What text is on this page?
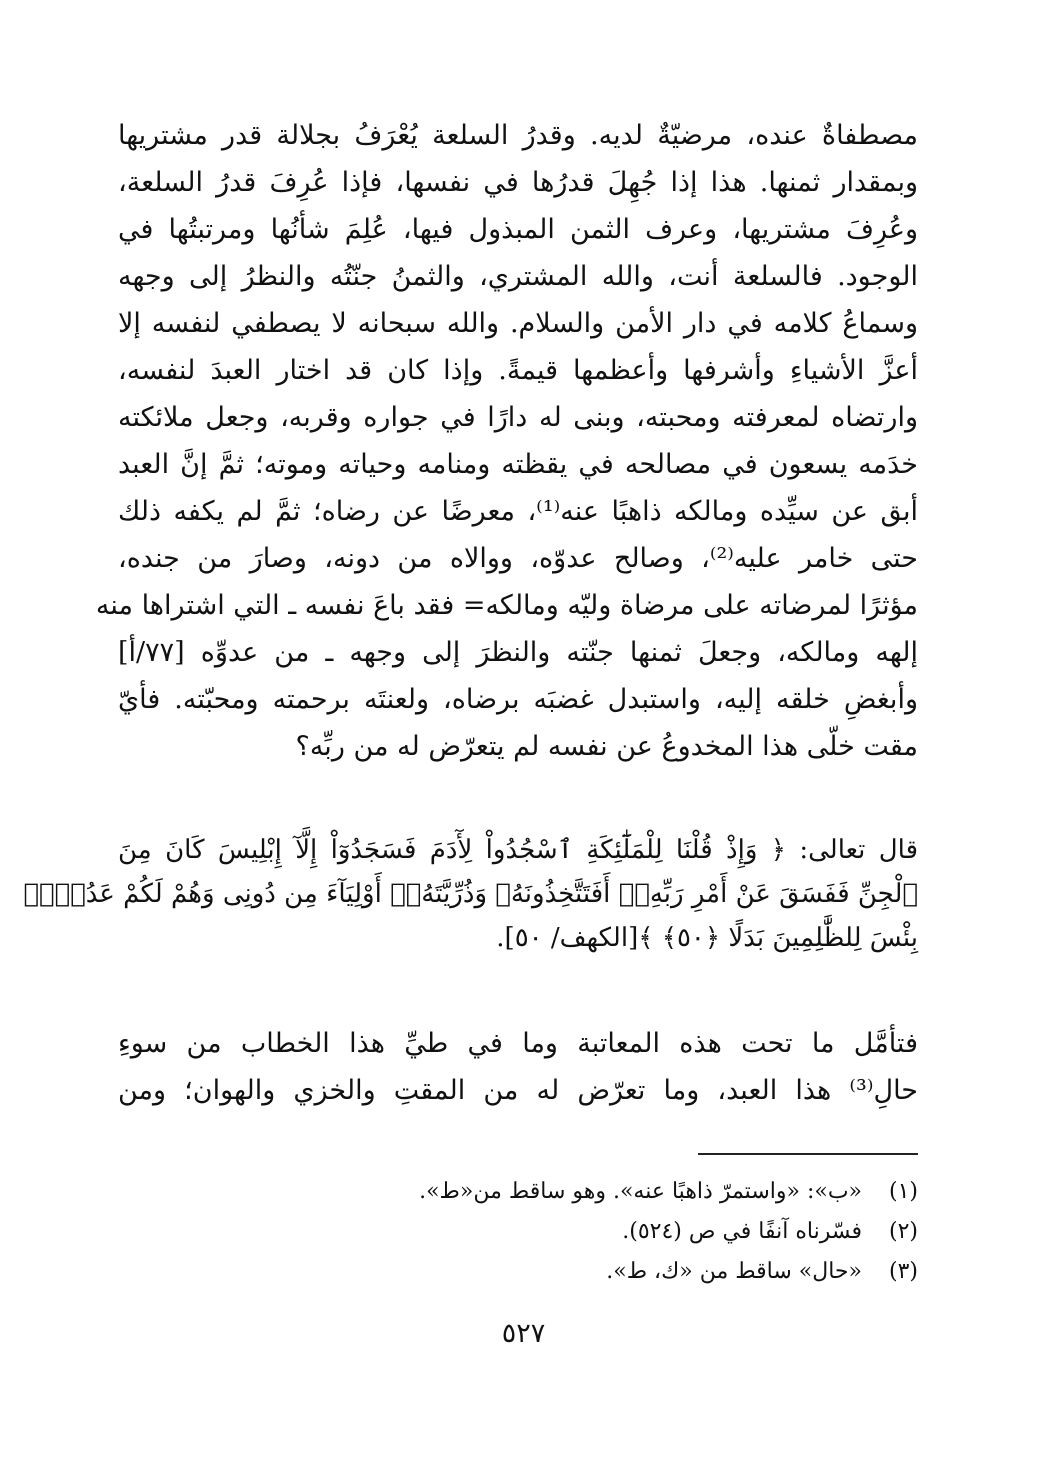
مصطفاةٌ عنده، مرضيّةٌ لديه. وقدرُ السلعة يُعْرَفُ بجلالة قدر مشتريها
وبمقدار ثمنها. هذا إذا جُهِلَ قدرُها في نفسها، فإذا عُرِفَ قدرُ السلعة،
وعُرِفَ مشتريها، وعرف الثمن المبذول فيها، عُلِمَ شأنُها ومرتبتُها في
الوجود. فالسلعة أنت، والله المشتري، والثمنُ جنّتُه والنظرُ إلى وجهه
وسماعُ كلامه في دار الأمن والسلام. والله سبحانه لا يصطفي لنفسه إلا
أعزَّ الأشياءِ وأشرفها وأعظمها قيمةً. وإذا كان قد اختار العبدَ لنفسه،
وارتضاه لمعرفته ومحبته، وبنى له دارًا في جواره وقربه، وجعل ملائكته
خدَمه يسعون في مصالحه في يقظته ومنامه وحياته وموته؛ ثمَّ إنَّ العبد
أبق عن سيِّده ومالكه ذاهبًا عنه⁽¹⁾، معرضًا عن رضاه؛ ثمَّ لم يكفه ذلك
حتى خامر عليه⁽²⁾، وصالح عدوّه، ووالاه من دونه، وصارَ من جنده،
مؤثرًا لمرضاته على مرضاة وليّه ومالكه= فقد باعَ نفسه ـ التي اشتراها منه
إلهه ومالكه، وجعلَ ثمنها جنّته والنظرَ إلى وجهه ـ من عدوِّه [٧٧/أ]
وأبغضِ خلقه إليه، واستبدل غضبَه برضاه، ولعنتَه برحمته ومحبّته. فأيّ
مقت خلّى هذا المخدوعُ عن نفسه لم يتعرّض له من ربِّه؟
قال تعالى: ﴿ وَإِذْ قُلْنَا لِلْمَلَٰٓئِكَةِ ٱسْجُدُواْ لِأٓدَمَ فَسَجَدُوٓاْ إِلَّآ إِبْلِيسَ كَانَ مِنَ
ٱلْجِنِّ فَفَسَقَ عَنْ أَمْرِ رَبِّهِۦٓ أَفَتَتَّخِذُونَهُۥ وَذُرِّيَّتَهُۥٓ أَوْلِيَآءَ مِن دُونِى وَهُمْ لَكُمْ عَدُوٌّۢ
بِئْسَ لِلظَّٰلِمِينَ بَدَلًا ﴿٥٠﴾ ﴾[الكهف/ ٥٠].
فتأمَّل ما تحت هذه المعاتبة وما في طيِّ هذا الخطاب من سوءِ
حالِ⁽³⁾ هذا العبد، وما تعرّض له من المقتِ والخزي والهوان؛ ومن
(١)
«ب»: «واستمرّ ذاهبًا عنه». وهو ساقط من«ط».
(٢)
فسّرناه آنفًا في ص (٥٢٤).
(٣)
«حال» ساقط من «ك، ط».
٥٢٧
